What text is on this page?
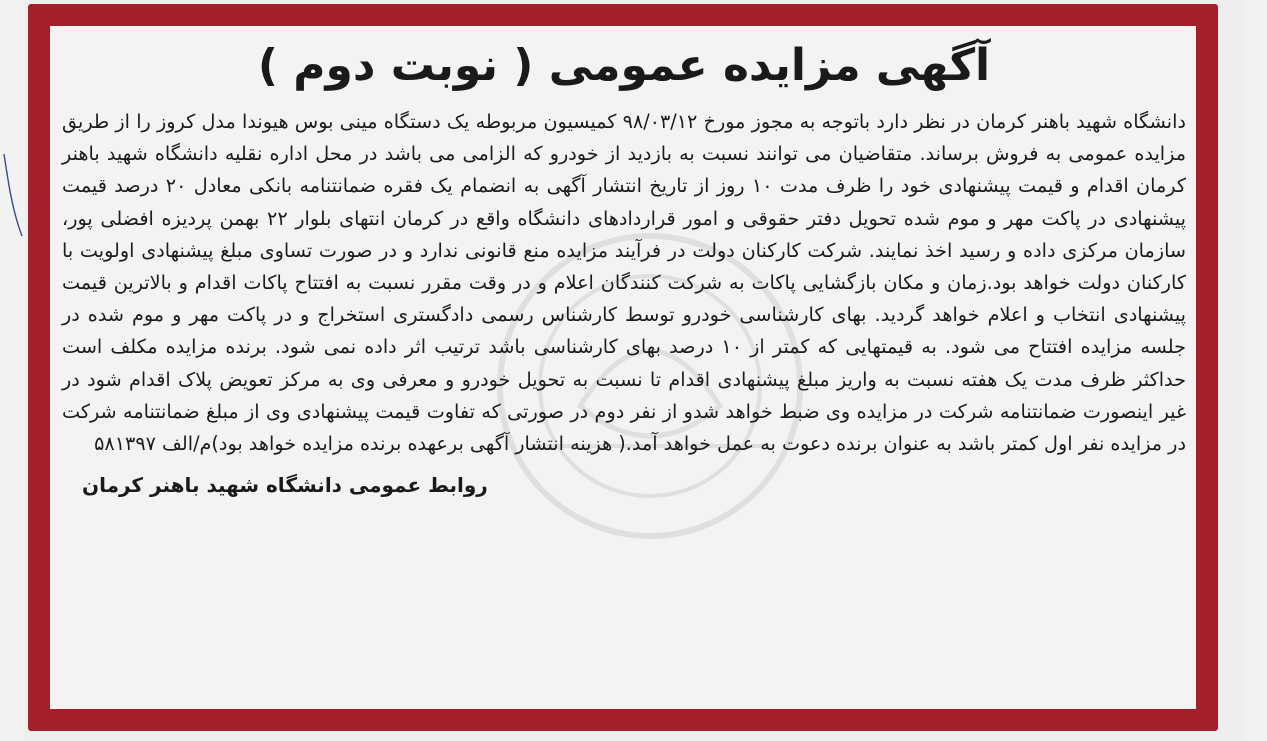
آگهی مزایده عمومی ( نوبت دوم )

دانشگاه شهید باهنر کرمان در نظر دارد باتوجه به مجوز مورخ ۹۸/۰۳/۱۲ کمیسیون مربوطه یک دستگاه مینی بوس هیوندا مدل کروز را از طریق مزایده عمومی به فروش برساند. متقاضیان می توانند نسبت به بازدید از خودرو که الزامی می باشد در محل اداره نقلیه دانشگاه شهید باهنر کرمان اقدام و قیمت پیشنهادی خود را ظرف مدت ۱۰ روز از تاریخ انتشار آگهی به انضمام یک فقره ضمانتنامه بانکی معادل ۲۰ درصد قیمت پیشنهادی در پاکت مهر و موم شده تحویل دفتر حقوقی و امور قراردادهای دانشگاه واقع در کرمان انتهای بلوار ۲۲ بهمن پردیزه افضلی پور، سازمان مرکزی داده و رسید اخذ نمایند. شرکت کارکنان دولت در فرآیند مزایده منع قانونی ندارد و در صورت تساوی مبلغ پیشنهادی اولویت با کارکنان دولت خواهد بود.زمان و مکان بازگشایی پاکات به شرکت کنندگان اعلام و در وقت مقرر نسبت به افتتاح پاکات اقدام و بالاترین قیمت پیشنهادی انتخاب و اعلام خواهد گردید. بهای کارشناسی خودرو توسط کارشناس رسمی دادگستری استخراج و در پاکت مهر و موم شده در جلسه مزایده افتتاح می شود. به قیمتهایی که کمتر از ۱۰ درصد بهای کارشناسی باشد ترتیب اثر داده نمی شود. برنده مزایده مکلف است حداکثر ظرف مدت یک هفته نسبت به واریز مبلغ پیشنهادی اقدام تا نسبت به تحویل خودرو و معرفی وی به مرکز تعویض پلاک اقدام شود در غیر اینصورت ضمانتنامه شرکت در مزایده وی ضبط خواهد شدو از نفر دوم در صورتی که تفاوت قیمت پیشنهادی وی از مبلغ ضمانتنامه شرکت در مزایده نفر اول کمتر باشد به عنوان برنده دعوت به عمل خواهد آمد.( هزینه انتشار آگهی برعهده برنده مزایده خواهد بود)م/الف ۵۸۱۳۹۷

روابط عمومی دانشگاه شهید باهنر کرمان
